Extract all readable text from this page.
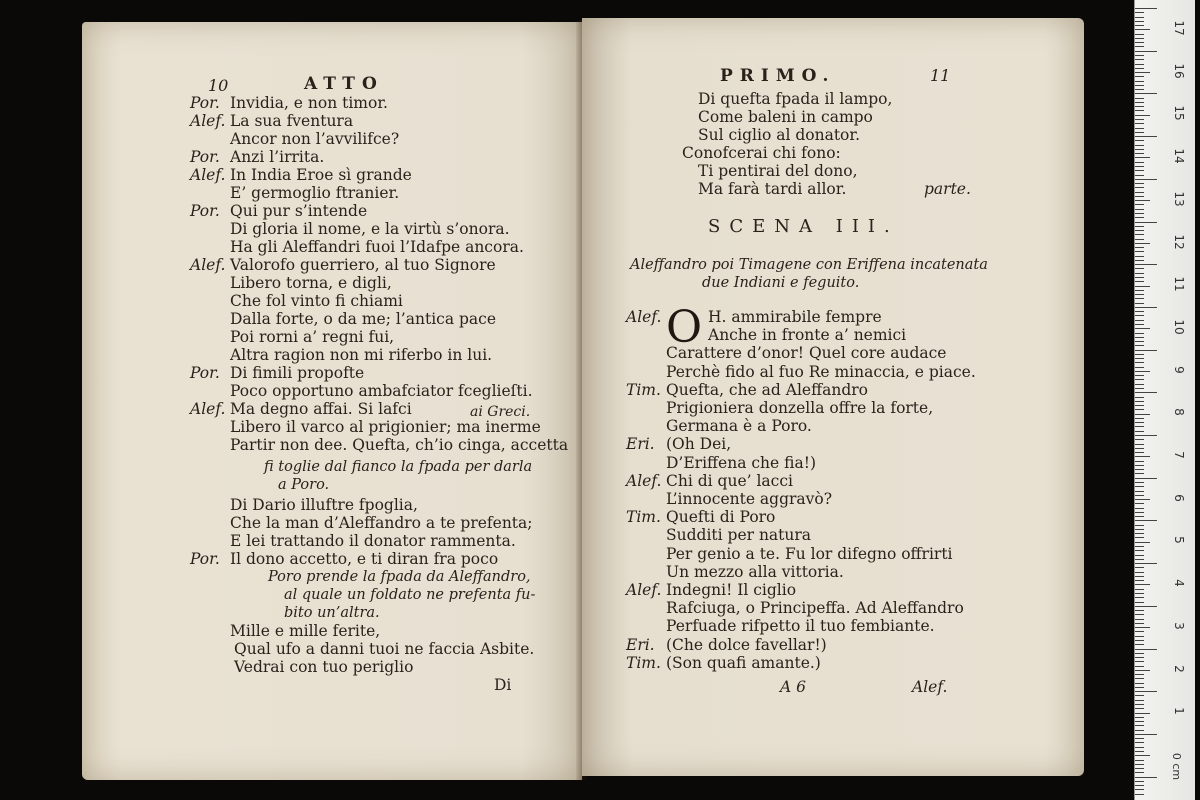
10	ATTO
Por. Invidia, e non timor.
Alef. La sua fventura
Ancor non l’avvilifce?
Por. Anzi l’irrita.
Alef. In India Eroe sì grande
E’ germoglio ftranier.
Por. Qui pur s’intende
Di gloria il nome, e la virtù s’onora.
Ha gli Aleffandri fuoi l’Idafpe ancora.
Alef. Valorofo guerriero, al tuo Signore
Libero torna, e digli,
Che fol vinto fi chiami
Dalla forte, o da me; l’antica pace
Poi rorni a’ regni fui,
Altra ragion non mi riferbo in lui.
Por. Di fimili propofte
Poco opportuno ambafciator fceglieſti.
Alef. Ma degno affai. Si lafci
Libero il varco al prigionier; ma inerme
Partir non dee. Quefta, ch’io cinga, accetta
Di Dario illuftre fpoglia,
Che la man d’Aleffandro a te prefenta;
E lei trattando il donator rammenta.
Por. Il dono accetto, e ti diran fra poco
Mille e mille ferite,
Qual ufo a danni tuoi ne faccia Asbite.
Vedrai con tuo periglio
ai Greci.
fi toglie dal fianco la fpada per darla
a Poro.
Poro prende la fpada da Aleffandro,
al quale un foldato ne prefenta fu-
bito un’altra.
Di
PRIMO.	11
Di quefta fpada il lampo,
Come baleni in campo
Sul ciglio al donator.
Conofcerai chi fono:
Ti pentirai del dono,
Ma farà tardi allor.	parte.
SCENA III.
Aleffandro poi Timagene con Eriffena incatenata
due Indiani e feguito.
O
Alef.	H. ammirabile fempre
Anche in fronte a’ nemici
Carattere d’onor! Quel core audace
Perchè fido al fuo Re minaccia, e piace.
Tim. Quefta, che ad Aleffandro
Prigioniera donzella offre la forte,
Germana è a Poro.
Eri. (Oh Dei,
D’Eriffena che fia!)
Alef. Chi di que’ lacci
L’innocente aggravò?
Tim. Quefti di Poro
Sudditi per natura
Per genio a te. Fu lor difegno offrirti
Un mezzo alla vittoria.
Alef. Indegni! Il ciglio
Rafciuga, o Principeffa. Ad Aleffandro
Perfuade rifpetto il tuo fembiante.
Eri. (Che dolce favellar!)
Tim. (Son quafi amante.)
A 6	Alef.
0 cm
17
16
15
14
13
12
11
10
9
8
7
6
5
4
3
2
1
